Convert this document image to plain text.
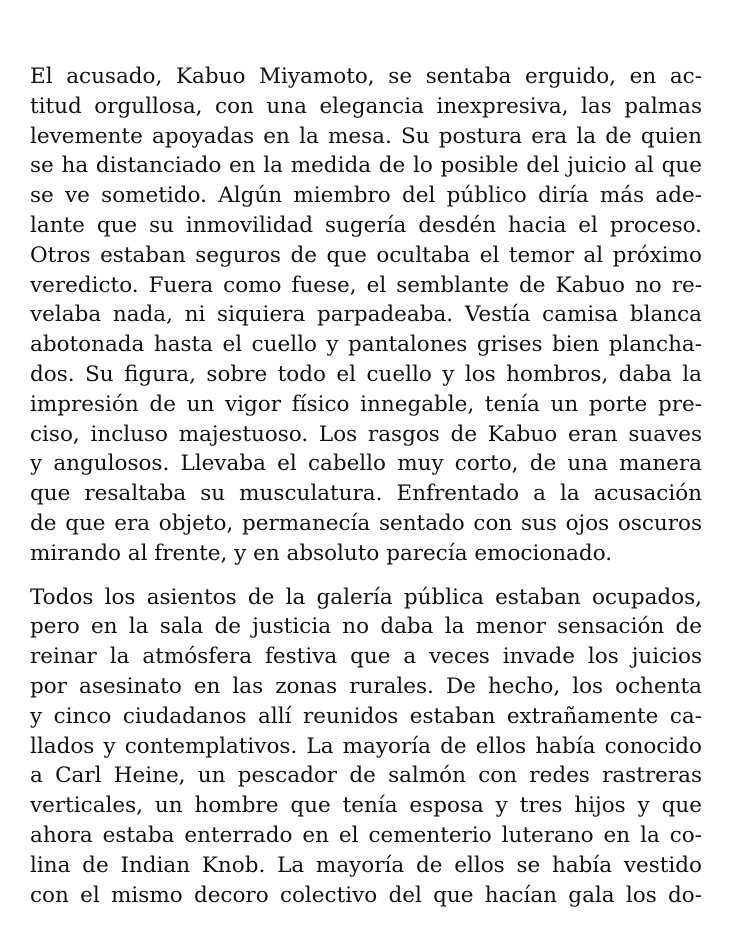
El acusado, Kabuo Miyamoto, se sentaba erguido, en ac-
titud orgullosa, con una elegancia inexpresiva, las palmas
levemente apoyadas en la mesa. Su postura era la de quien
se ha distanciado en la medida de lo posible del juicio al que
se ve sometido. Algún miembro del público diría más ade-
lante que su inmovilidad sugería desdén hacia el proceso.
Otros estaban seguros de que ocultaba el temor al próximo
veredicto. Fuera como fuese, el semblante de Kabuo no re-
velaba nada, ni siquiera parpadeaba. Vestía camisa blanca
abotonada hasta el cuello y pantalones grises bien plancha-
dos. Su figura, sobre todo el cuello y los hombros, daba la
impresión de un vigor físico innegable, tenía un porte pre-
ciso, incluso majestuoso. Los rasgos de Kabuo eran suaves
y angulosos. Llevaba el cabello muy corto, de una manera
que resaltaba su musculatura. Enfrentado a la acusación
de que era objeto, permanecía sentado con sus ojos oscuros
mirando al frente, y en absoluto parecía emocionado.
Todos los asientos de la galería pública estaban ocupados,
pero en la sala de justicia no daba la menor sensación de
reinar la atmósfera festiva que a veces invade los juicios
por asesinato en las zonas rurales. De hecho, los ochenta
y cinco ciudadanos allí reunidos estaban extrañamente ca-
llados y contemplativos. La mayoría de ellos había conocido
a Carl Heine, un pescador de salmón con redes rastreras
verticales, un hombre que tenía esposa y tres hijos y que
ahora estaba enterrado en el cementerio luterano en la co-
lina de Indian Knob. La mayoría de ellos se había vestido
con el mismo decoro colectivo del que hacían gala los do-
